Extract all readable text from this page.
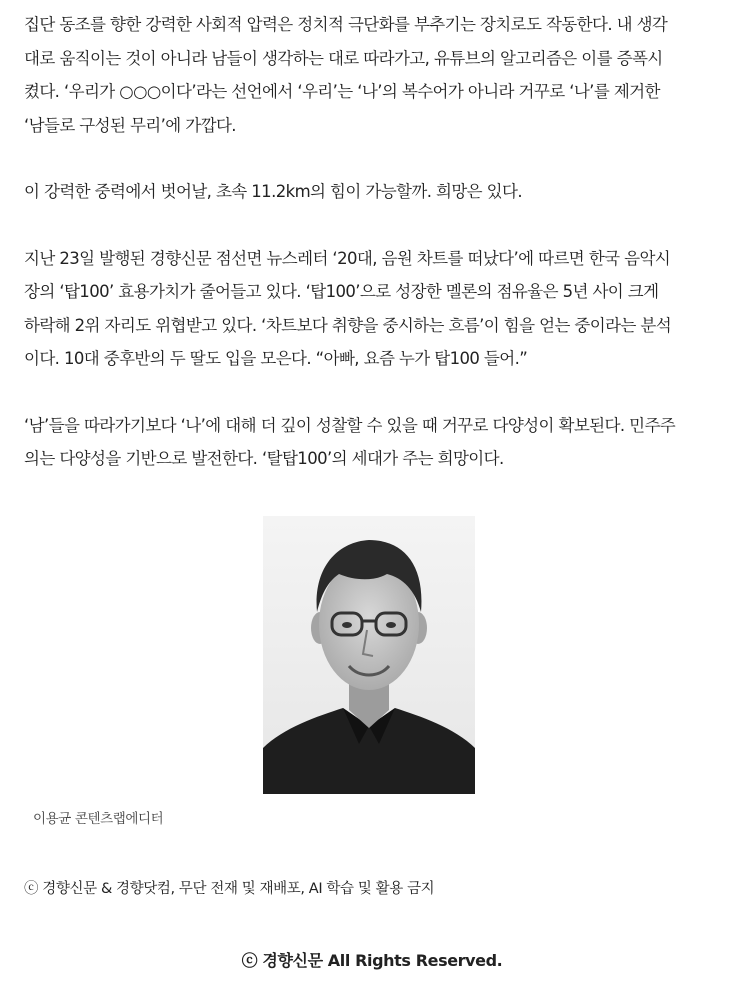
집단 동조를 향한 강력한 사회적 압력은 정치적 극단화를 부추기는 장치로도 작동한다. 내 생각
대로 움직이는 것이 아니라 남들이 생각하는 대로 따라가고, 유튜브의 알고리즘은 이를 증폭시
켰다. ‘우리가 ○○○이다’라는 선언에서 ‘우리’는 ‘나’의 복수어가 아니라 거꾸로 ‘나’를 제거한
‘남들로 구성된 무리’에 가깝다.

이 강력한 중력에서 벗어날, 초속 11.2km의 힘이 가능할까. 희망은 있다.

지난 23일 발행된 경향신문 점선면 뉴스레터 ‘20대, 음원 차트를 떠났다’에 따르면 한국 음악시
장의 ‘탑100’ 효용가치가 줄어들고 있다. ‘탑100’으로 성장한 멜론의 점유율은 5년 사이 크게
하락해 2위 자리도 위협받고 있다. ‘차트보다 취향을 중시하는 흐름’이 힘을 얻는 중이라는 분석
이다. 10대 중후반의 두 딸도 입을 모은다. “아빠, 요즘 누가 탑100 들어.”

‘남’들을 따라가기보다 ‘나’에 대해 더 깊이 성찰할 수 있을 때 거꾸로 다양성이 확보된다. 민주주
의는 다양성을 기반으로 발전한다. ‘탈탑100’의 세대가 주는 희망이다.

이용균 콘텐츠랩에디터
ⓒ 경향신문 & 경향닷컴, 무단 전재 및 재배포, AI 학습 및 활용 금지
ⓒ 경향신문 All Rights Reserved.
